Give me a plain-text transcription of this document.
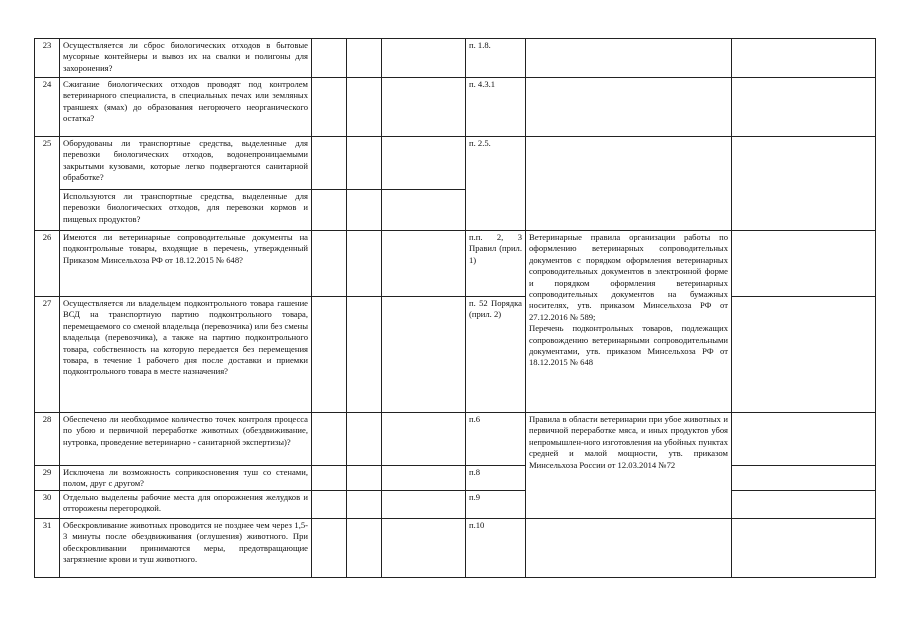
23	Осуществляется ли сброс биологических отходов в бытовые мусорные контейнеры и вывоз их на свалки и полигоны для захоронения?				п. 1.8.		
24	Сжигание биологических отходов проводят под контролем ветеринарного специалиста, в специальных печах или земляных траншеях (ямах) до образования негорючего неорганического остатка?				п. 4.3.1		
25	Оборудованы ли транспортные средства, выделенные для перевозки биологических отходов, водонепроницаемыми закрытыми кузовами, которые легко подвергаются санитарной обработке?				п. 2.5.		
	Используются ли транспортные средства, выделенные для перевозки биологических отходов, для перевозки кормов и пищевых продуктов?						
26	Имеются ли ветеринарные сопроводительные документы на подконтрольные товары, входящие в перечень, утвержденный Приказом Минсельхоза РФ от 18.12.2015 № 648?				п.п. 2, 3 Правил (прил. 1)	Ветеринарные правила организации работы по оформлению ветеринарных сопроводительных документов с порядком оформления ветеринарных сопроводительных документов в электронной форме и порядком оформления ветеринарных сопроводительных документов на бумажных носителях, утв. приказом Минсельхоза РФ от 27.12.2016 № 589;
Перечень подконтрольных товаров, подлежащих сопровождению ветеринарными сопроводительными документами, утв. приказом Минсельхоза РФ от 18.12.2015 № 648	

27	Осуществляется ли владельцем подконтрольного товара гашение ВСД на транспортную партию подконтрольного товара, перемещаемого со сменой владельца (перевозчика) или без смены владельца (перевозчика), а также на партию подконтрольного товара, собственность на которую передается без перемещения товара, в течение 1 рабочего дня после доставки и приемки подконтрольного товара в месте назначения?				п. 52 Порядка (прил. 2)		
28	Обеспечено ли необходимое количество точек контроля процесса по убою и первичной переработке животных (обездвиживание, нутровка, проведение ветеринарно - санитарной экспертизы)?				п.6	Правила в области ветеринарии при убое животных и первичной переработке мяса, и иных продуктов убоя непромышлен-ного изготовления на убойных пунктах средней и малой мощности, утв. приказом Минсельхоза России от 12.03.2014 №72	

29	Исключена ли возможность соприкосновения туш со стенами, полом, друг с другом?				п.8		
30	Отдельно выделены рабочие места для опорожнения желудков и отторожены перегородкой.				п.9		
31	Обескровливание животных проводится не позднее чем через 1,5-3 минуты после обездвиживания (оглушения) животного. При обескровливании принимаются меры, предотвращающие загрязнение крови и туш животного.				п.10		
